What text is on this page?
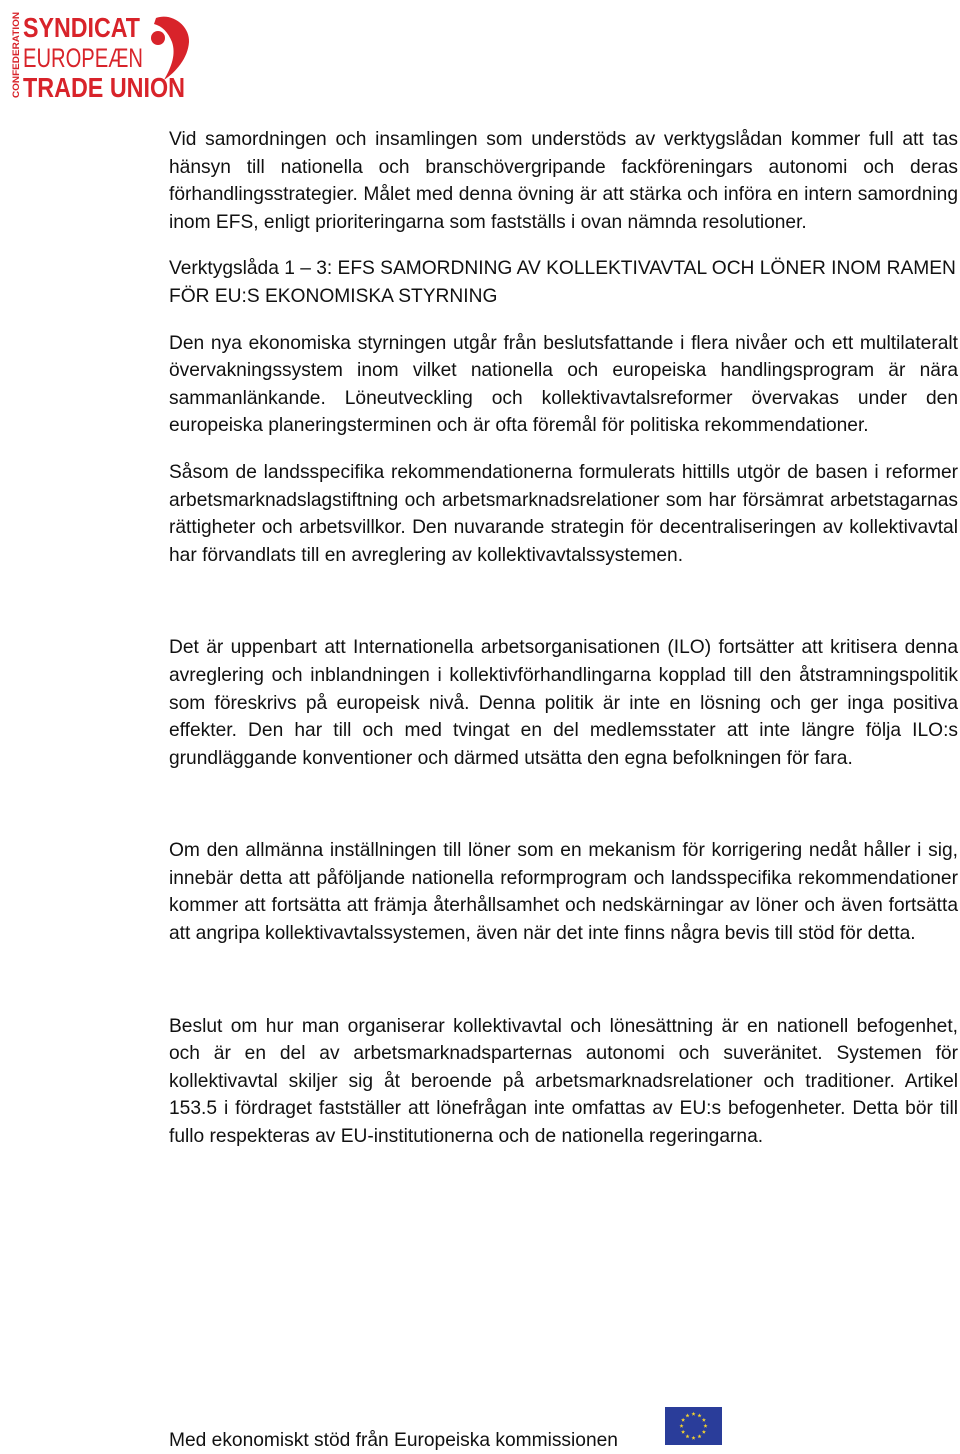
CONFEDERATION SYNDICAT
EUROPEÆN
TRADE UNION

Vid samordningen och insamlingen som understöds av verktygslådan kommer full att tas hänsyn till nationella och branschövergripande fackföreningars autonomi och deras förhandlingsstrategier. Målet med denna övning är att stärka och införa en intern samordning inom EFS, enligt prioriteringarna som fastställs i ovan nämnda resolutioner.

Verktygslåda 1 – 3: EFS SAMORDNING AV KOLLEKTIVAVTAL OCH LÖNER INOM RAMEN FÖR EU:S EKONOMISKA STYRNING

Den nya ekonomiska styrningen utgår från beslutsfattande i flera nivåer och ett multilateralt övervakningssystem inom vilket nationella och europeiska handlingsprogram är nära sammanlänkande. Löneutveckling och kollektivavtalsreformer övervakas under den europeiska planeringsterminen och är ofta föremål för politiska rekommendationer.

Såsom de landsspecifika rekommendationerna formulerats hittills utgör de basen i reformer arbetsmarknadslagstiftning och arbetsmarknadsrelationer som har försämrat arbetstagarnas rättigheter och arbetsvillkor. Den nuvarande strategin för decentraliseringen av kollektivavtal har förvandlats till en avreglering av kollektivavtalssystemen.

Det är uppenbart att Internationella arbetsorganisationen (ILO) fortsätter att kritisera denna avreglering och inblandningen i kollektivförhandlingarna kopplad till den åtstramningspolitik som föreskrivs på europeisk nivå. Denna politik är inte en lösning och ger inga positiva effekter. Den har till och med tvingat en del medlemsstater att inte längre följa ILO:s grundläggande konventioner och därmed utsätta den egna befolkningen för fara.

Om den allmänna inställningen till löner som en mekanism för korrigering nedåt håller i sig, innebär detta att påföljande nationella reformprogram och landsspecifika rekommendationer kommer att fortsätta att främja återhållsamhet och nedskärningar av löner och även fortsätta att angripa kollektivavtalssystemen, även när det inte finns några bevis till stöd för detta.

Beslut om hur man organiserar kollektivavtal och lönesättning är en nationell befogenhet, och är en del av arbetsmarknadsparternas autonomi och suveränitet. Systemen för kollektivavtal skiljer sig åt beroende på arbetsmarknadsrelationer och traditioner. Artikel 153.5 i fördraget fastställer att lönefrågan inte omfattas av EU:s befogenheter. Detta bör till fullo respekteras av EU-institutionerna och de nationella regeringarna.

Med ekonomiskt stöd från Europeiska kommissionen
